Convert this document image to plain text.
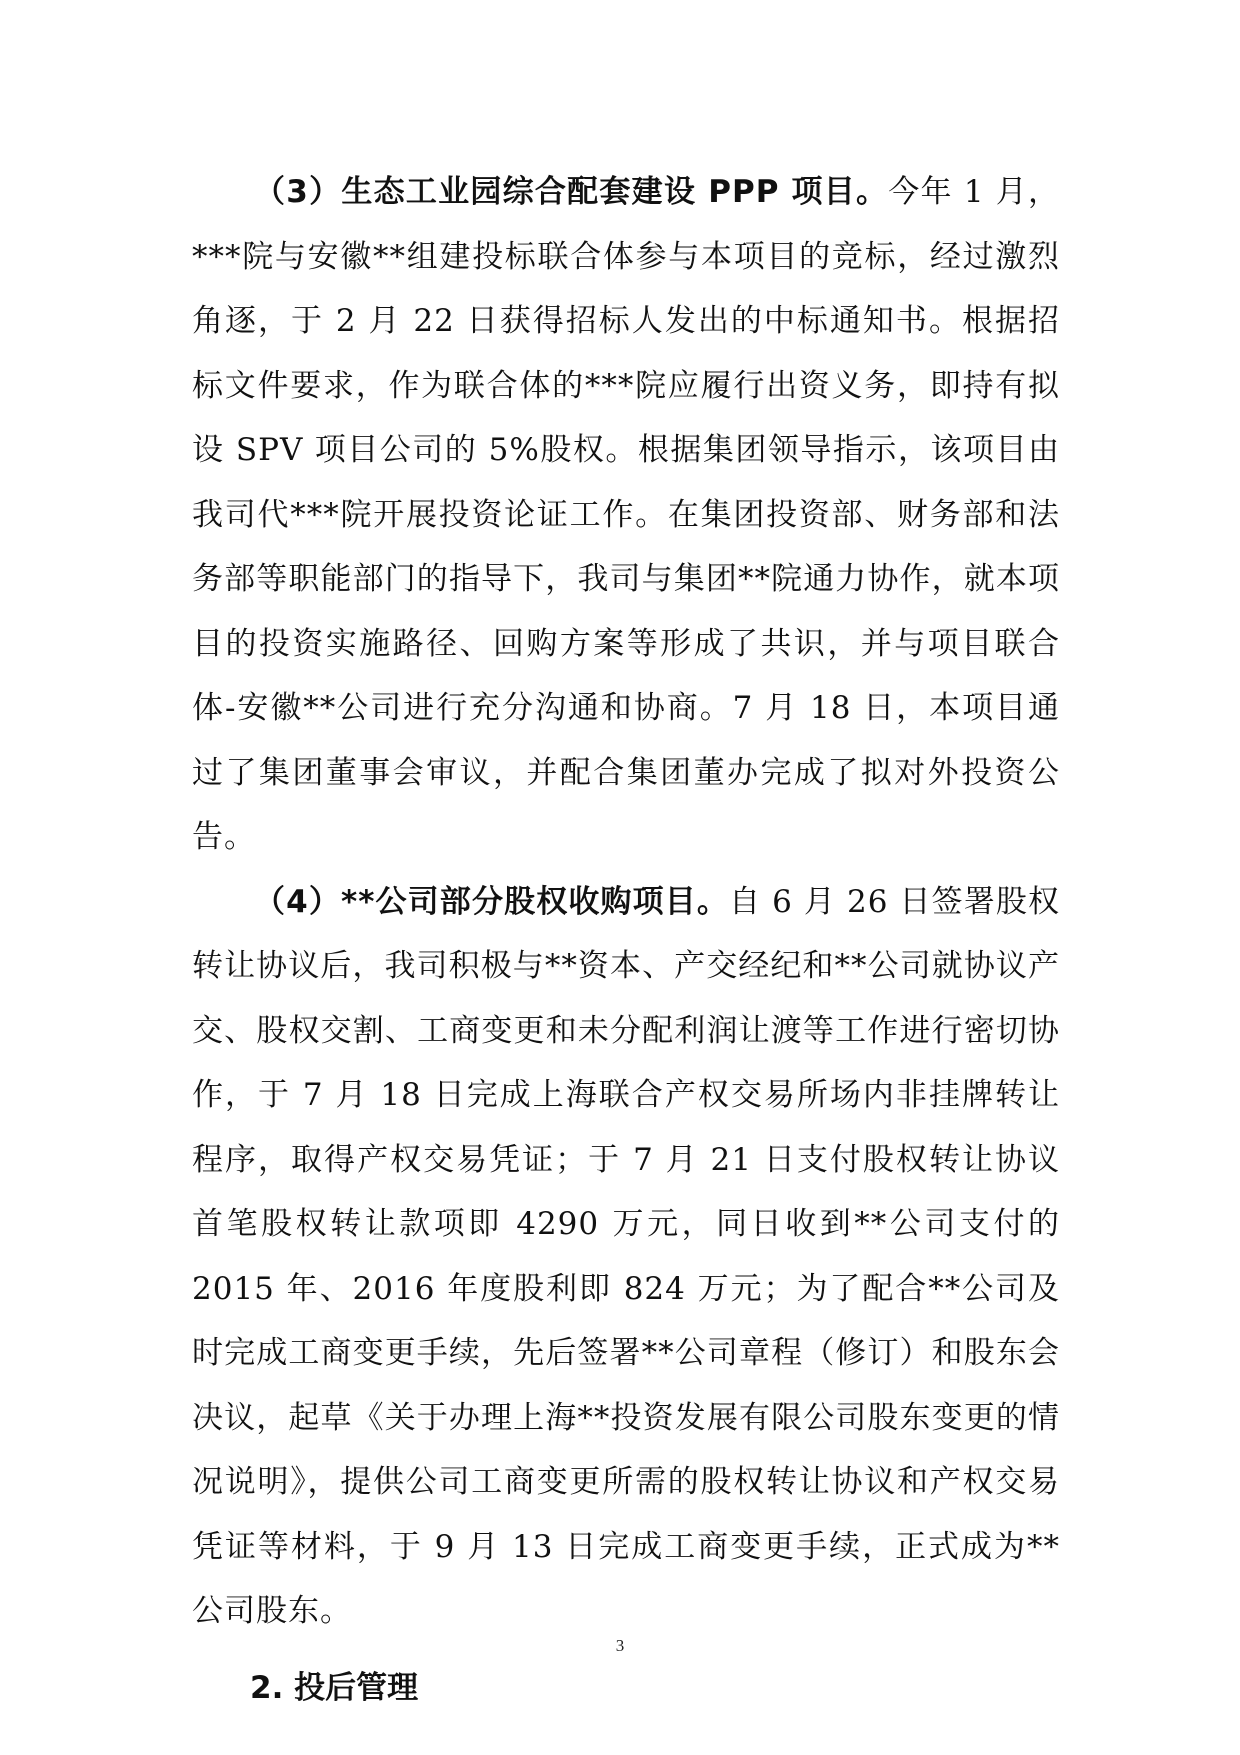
（3）生态工业园综合配套建设 PPP 项目。今年 1 月，***院与安徽**组建投标联合体参与本项目的竞标，经过激烈角逐，于 2 月 22 日获得招标人发出的中标通知书。根据招标文件要求，作为联合体的***院应履行出资义务，即持有拟设 SPV 项目公司的 5%股权。根据集团领导指示，该项目由我司代***院开展投资论证工作。在集团投资部、财务部和法务部等职能部门的指导下，我司与集团**院通力协作，就本项目的投资实施路径、回购方案等形成了共识，并与项目联合体-安徽**公司进行充分沟通和协商。7 月 18 日，本项目通过了集团董事会审议，并配合集团董办完成了拟对外投资公告。

（4）**公司部分股权收购项目。自 6 月 26 日签署股权转让协议后，我司积极与**资本、产交经纪和**公司就协议产交、股权交割、工商变更和未分配利润让渡等工作进行密切协作，于 7 月 18 日完成上海联合产权交易所场内非挂牌转让程序，取得产权交易凭证；于 7 月 21 日支付股权转让协议首笔股权转让款项即 4290 万元，同日收到**公司支付的 2015 年、2016 年度股利即 824 万元；为了配合**公司及时完成工商变更手续，先后签署**公司章程（修订）和股东会决议，起草《关于办理上海**投资发展有限公司股东变更的情况说明》，提供公司工商变更所需的股权转让协议和产权交易凭证等材料，于 9 月 13 日完成工商变更手续，正式成为**公司股东。

2. 投后管理
3
